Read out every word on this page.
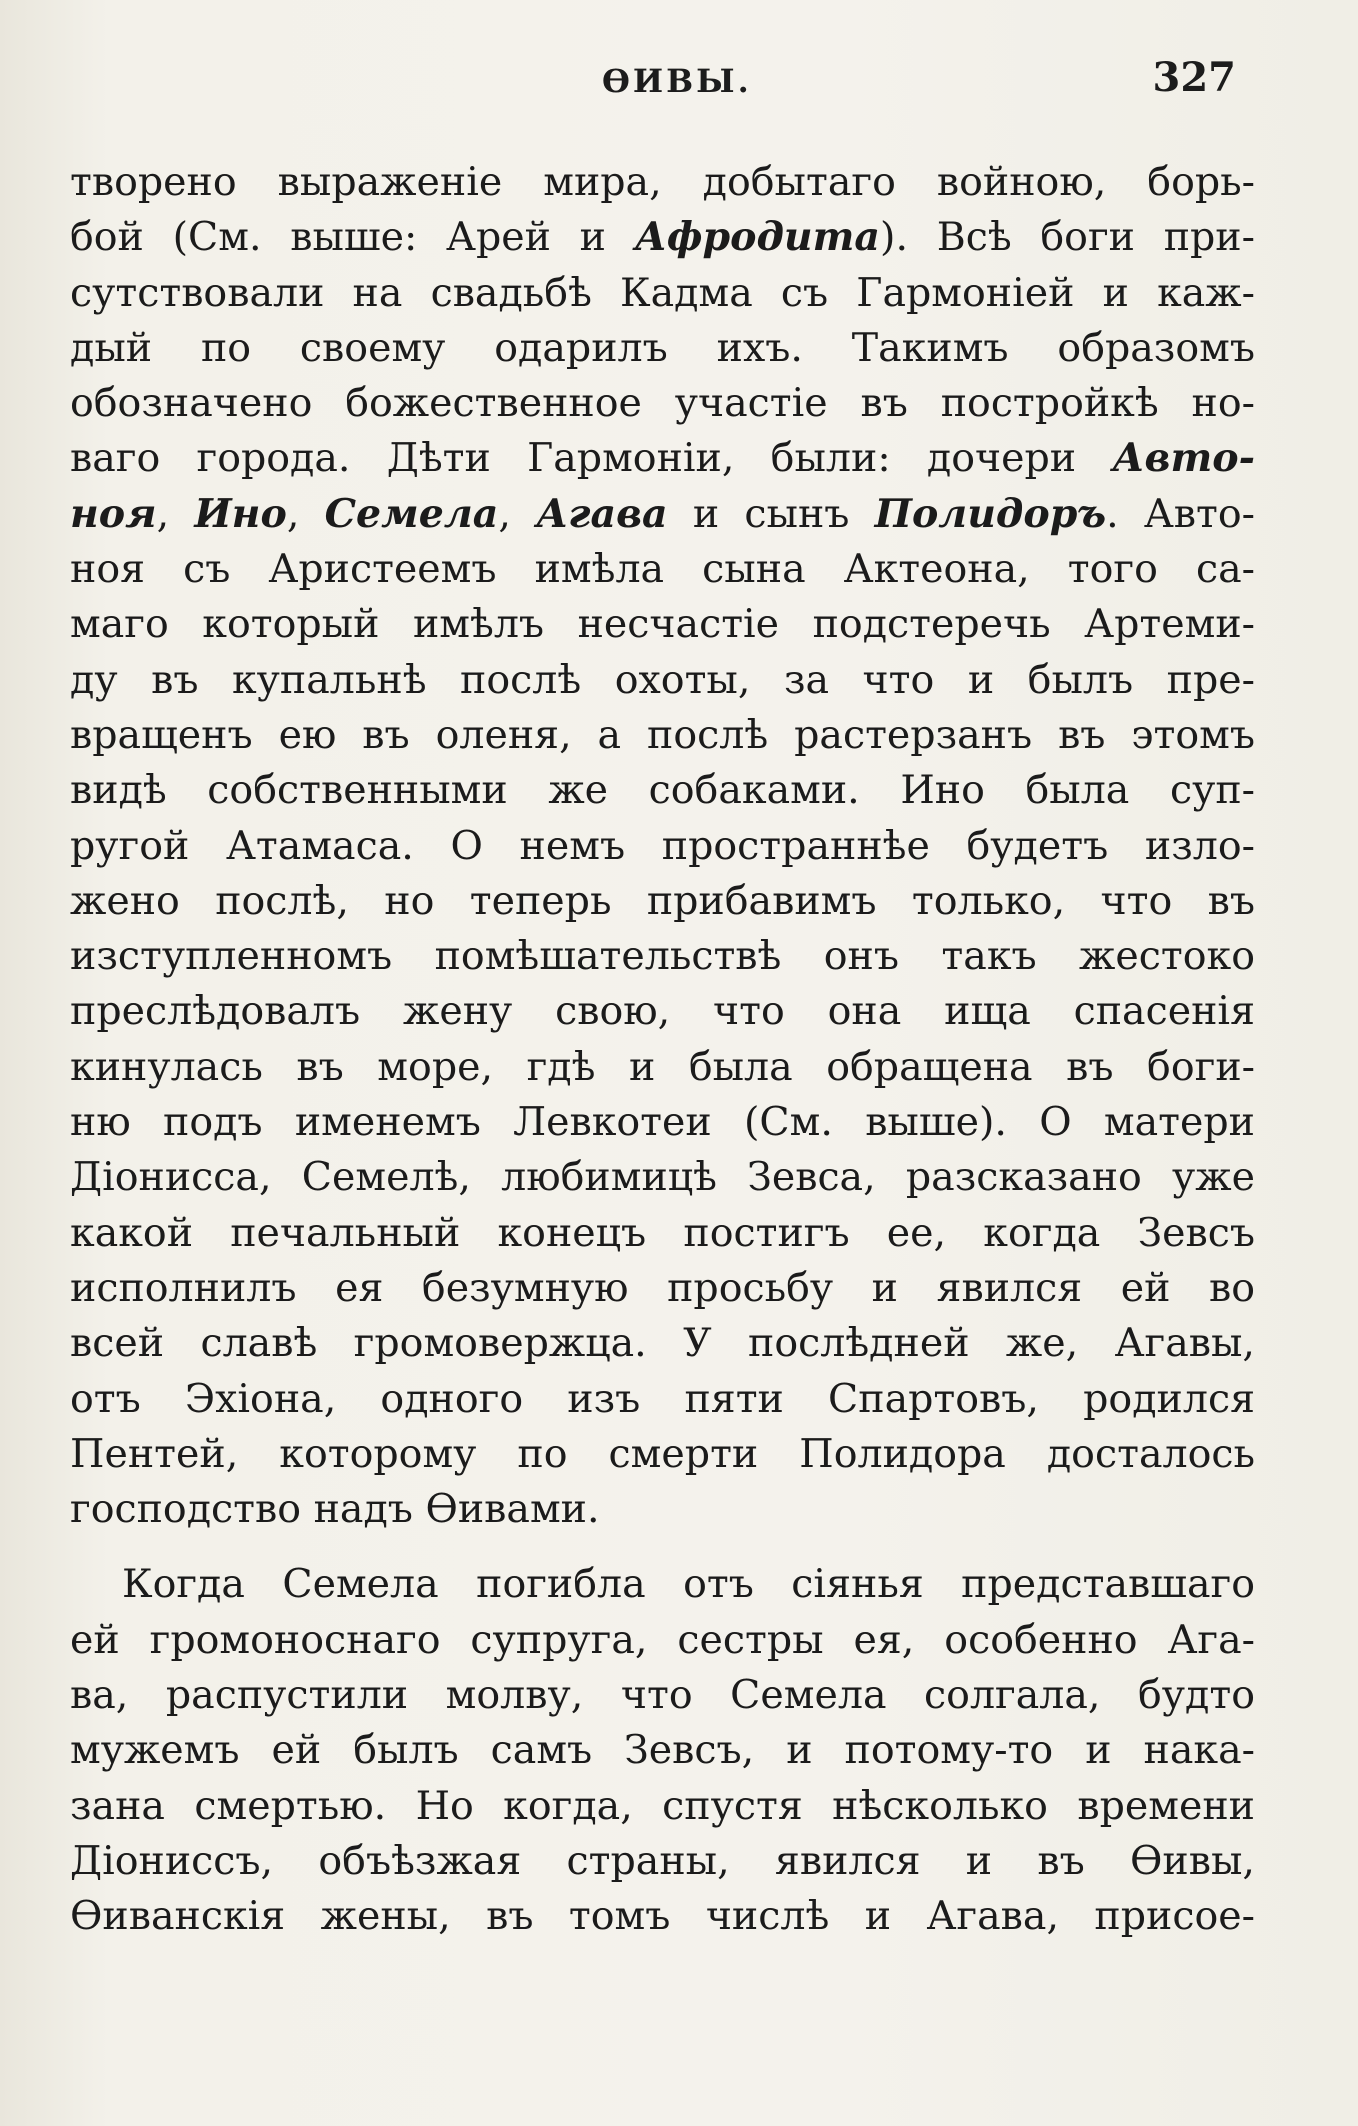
ѲИВЫ.	327
творено выраженіе мира, добытаго войною, борь-
бой (См. выше: Арей и Афродита). Всѣ боги при-
сутствовали на свадьбѣ Кадма съ Гармоніей и каж-
дый по своему одарилъ ихъ. Такимъ образомъ
обозначено божественное участіе въ постройкѣ но-
ваго города. Дѣти Гармоніи, были: дочери Авто-
ноя, Ино, Семела, Агава и сынъ Полидоръ. Авто-
ноя съ Аристеемъ имѣла сына Актеона, того са-
маго который имѣлъ несчастіе подстеречь Артеми-
ду въ купальнѣ послѣ охоты, за что и былъ пре-
вращенъ ею въ оленя, а послѣ растерзанъ въ этомъ
видѣ собственными же собаками. Ино была суп-
ругой Атамаса. О немъ пространнѣе будетъ изло-
жено послѣ, но теперь прибавимъ только, что въ
изступленномъ помѣшательствѣ онъ такъ жестоко
преслѣдовалъ жену свою, что она ища спасенія
кинулась въ море, гдѣ и была обращена въ боги-
ню подъ именемъ Левкотеи (См. выше). О матери
Діонисса, Семелѣ, любимицѣ Зевса, разсказано уже
какой печальный конецъ постигъ ее, когда Зевсъ
исполнилъ ея безумную просьбу и явился ей во
всей славѣ громовержца. У послѣдней же, Агавы,
отъ Эхіона, одного изъ пяти Спартовъ, родился
Пентей, которому по смерти Полидора досталось
господство надъ Ѳивами.
Когда Семела погибла отъ сіянья представшаго
ей громоноснаго супруга, сестры ея, особенно Ага-
ва, распустили молву, что Семела солгала, будто
мужемъ ей былъ самъ Зевсъ, и потому-то и нака-
зана смертью. Но когда, спустя нѣсколько времени
Діониссъ, объѣзжая страны, явился и въ Ѳивы,
Ѳиванскія жены, въ томъ числѣ и Агава, присое-
